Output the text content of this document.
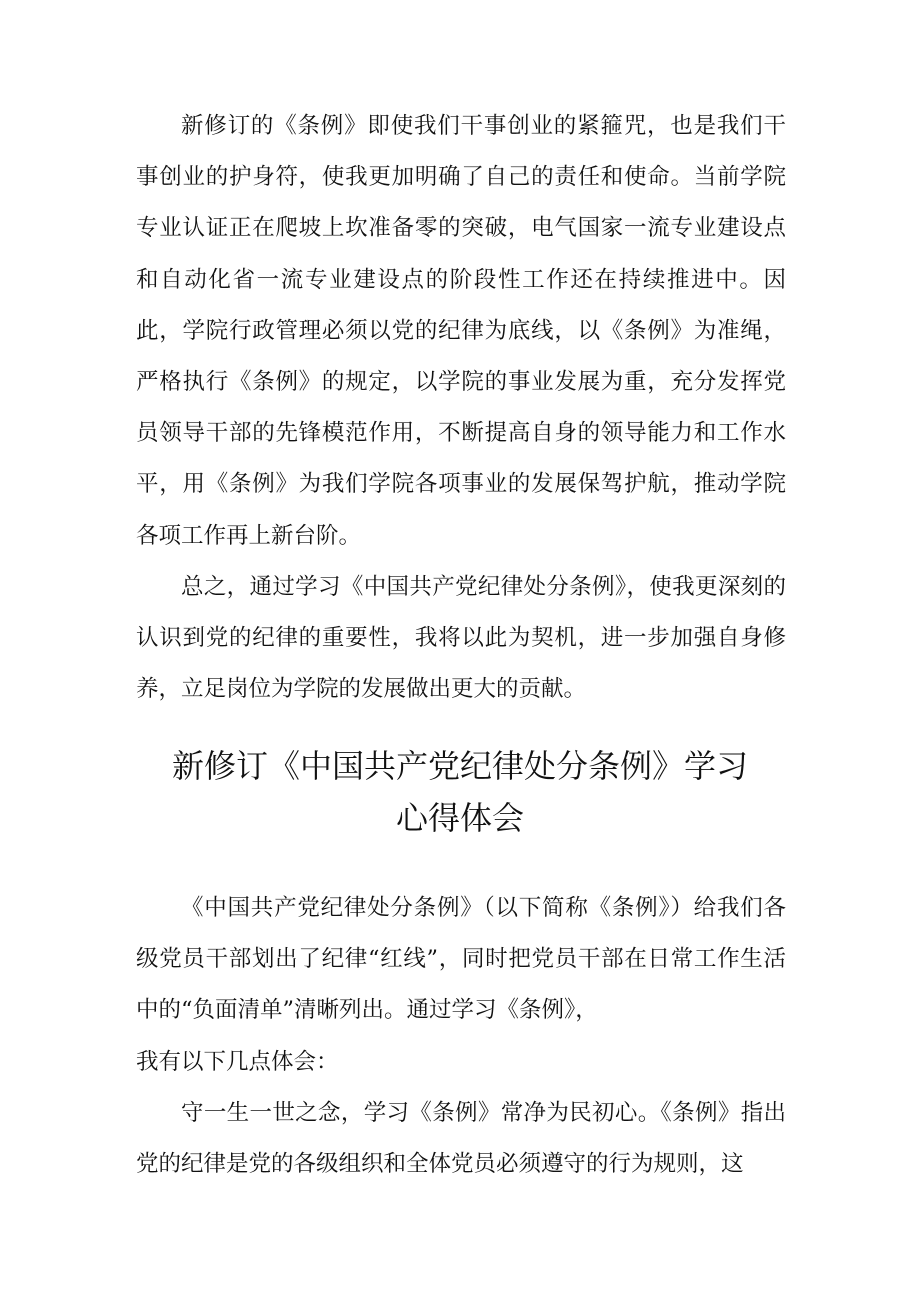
新修订的《条例》即使我们干事创业的紧箍咒，也是我们干事创业的护身符，使我更加明确了自己的责任和使命。当前学院专业认证正在爬坡上坎准备零的突破，电气国家一流专业建设点和自动化省一流专业建设点的阶段性工作还在持续推进中。因此，学院行政管理必须以党的纪律为底线，以《条例》为准绳，严格执行《条例》的规定，以学院的事业发展为重，充分发挥党员领导干部的先锋模范作用，不断提高自身的领导能力和工作水平，用《条例》为我们学院各项事业的发展保驾护航，推动学院各项工作再上新台阶。

总之，通过学习《中国共产党纪律处分条例》，使我更深刻的认识到党的纪律的重要性，我将以此为契机，进一步加强自身修养，立足岗位为学院的发展做出更大的贡献。

新修订《中国共产党纪律处分条例》学习
心得体会

《中国共产党纪律处分条例》（以下简称《条例》）给我们各级党员干部划出了纪律“红线”，同时把党员干部在日常工作生活中的“负面清单”清晰列出。通过学习《条例》，

我有以下几点体会：

守一生一世之念，学习《条例》常净为民初心。《条例》指出党的纪律是党的各级组织和全体党员必须遵守的行为规则，这
